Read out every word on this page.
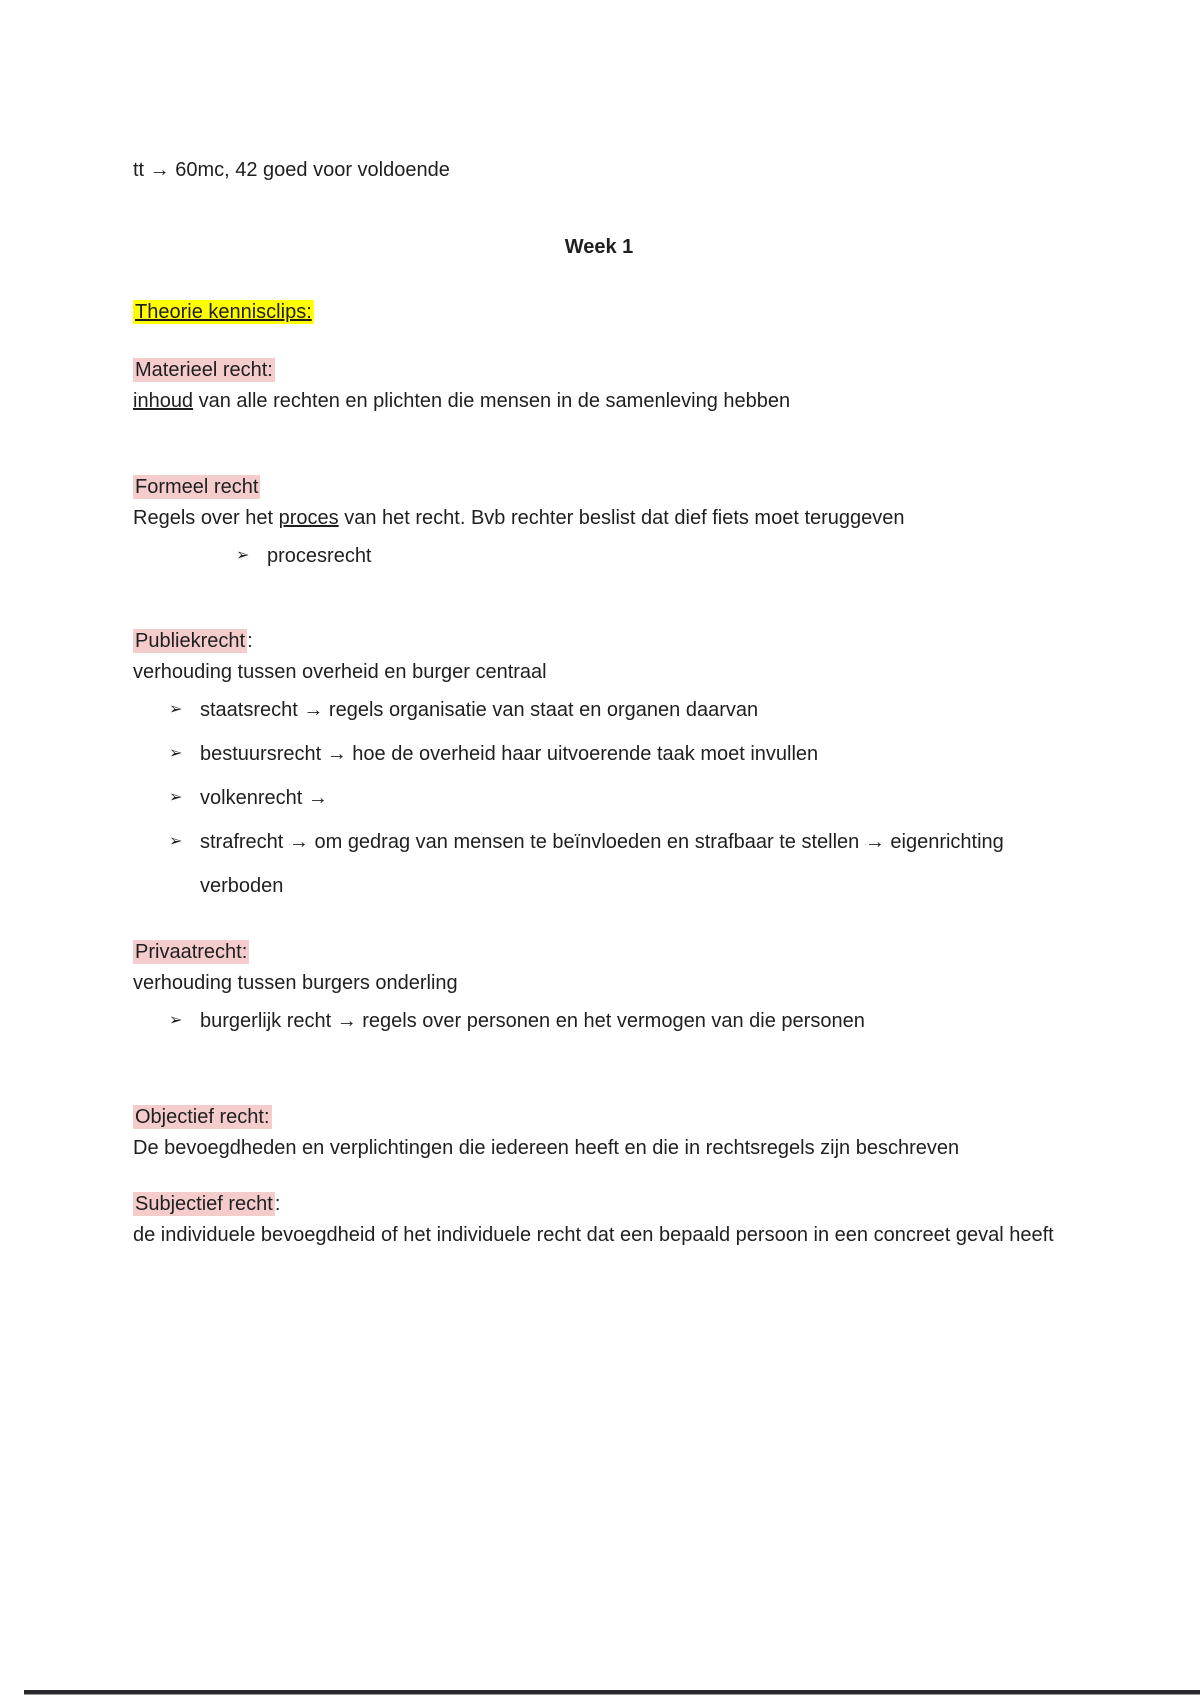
tt → 60mc, 42 goed voor voldoende

Week 1

Theorie kennisclips:

Materieel recht:

inhoud van alle rechten en plichten die mensen in de samenleving hebben

Formeel recht

Regels over het proces van het recht. Bvb rechter beslist dat dief fiets moet teruggeven

➢ procesrecht

Publiekrecht :

verhouding tussen overheid en burger centraal

➢ staatsrecht → regels organisatie van staat en organen daarvan
➢ bestuursrecht → hoe de overheid haar uitvoerende taak moet invullen
➢ volkenrecht →
➢ strafrecht → om gedrag van mensen te beïnvloeden en strafbaar te stellen → eigenrichting verboden

Privaatrecht:

verhouding tussen burgers onderling

➢ burgerlijk recht → regels over personen en het vermogen van die personen

Objectief recht:

De bevoegdheden en verplichtingen die iedereen heeft en die in rechtsregels zijn beschreven

Subjectief recht :

de individuele bevoegdheid of het individuele recht dat een bepaald persoon in een concreet geval heeft
